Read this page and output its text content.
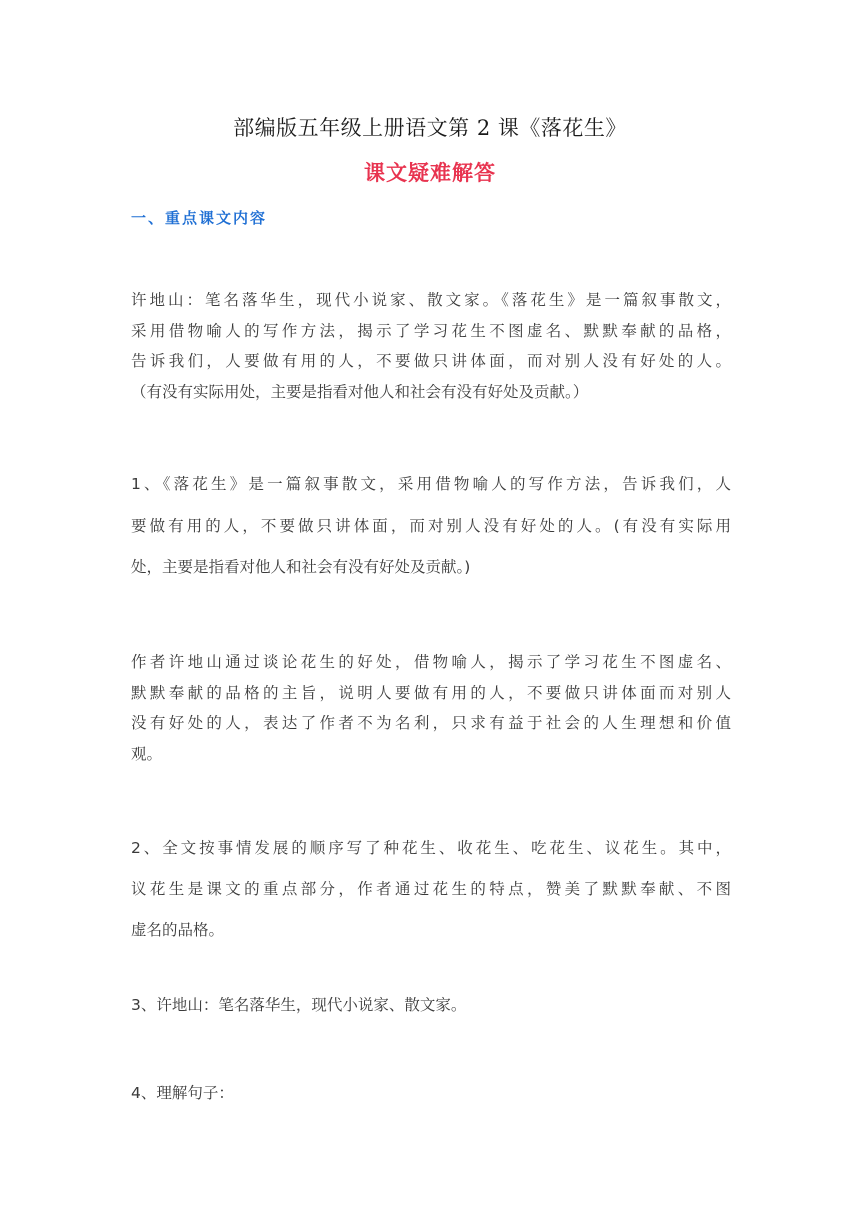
部编版五年级上册语文第 2 课《落花生》
课文疑难解答
一、重点课文内容

许地山：笔名落华生，现代小说家、散文家。《落花生》是一篇叙事散文，
采用借物喻人的写作方法，揭示了学习花生不图虚名、默默奉献的品格，
告诉我们，人要做有用的人，不要做只讲体面，而对别人没有好处的人。
（有没有实际用处，主要是指看对他人和社会有没有好处及贡献。）

1、《落花生》是一篇叙事散文，采用借物喻人的写作方法，告诉我们，人
要做有用的人，不要做只讲体面，而对别人没有好处的人。(有没有实际用
处，主要是指看对他人和社会有没有好处及贡献。)

作者许地山通过谈论花生的好处，借物喻人，揭示了学习花生不图虚名、
默默奉献的品格的主旨，说明人要做有用的人，不要做只讲体面而对别人
没有好处的人，表达了作者不为名利，只求有益于社会的人生理想和价值
观。

2、全文按事情发展的顺序写了种花生、收花生、吃花生、议花生。其中，
议花生是课文的重点部分，作者通过花生的特点，赞美了默默奉献、不图
虚名的品格。

3、许地山：笔名落华生，现代小说家、散文家。

4、理解句子：
